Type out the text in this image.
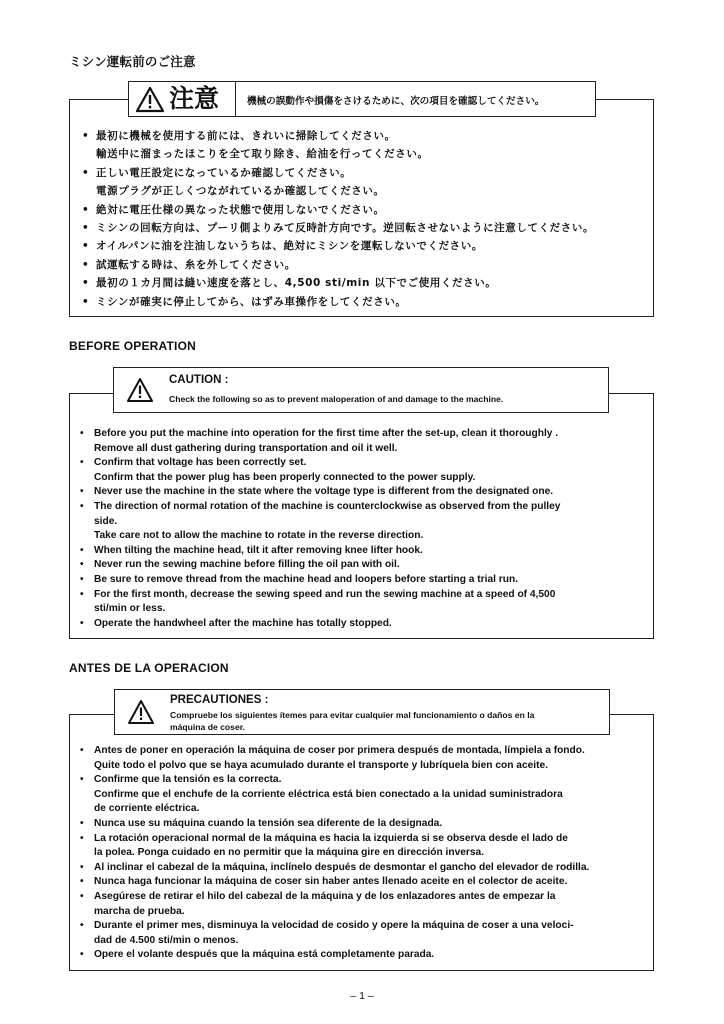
ミシン運転前のご注意
• 最初に機械を使用する前には、きれいに掃除してください。
輸送中に溜まったほこりを全て取り除き、給油を行ってください。
• 正しい電圧設定になっているか確認してください。
電源プラグが正しくつながれているか確認してください。
• 絶対に電圧仕様の異なった状態で使用しないでください。
• ミシンの回転方向は、プーリ側よりみて反時計方向です。逆回転させないように注意してください。
• オイルパンに油を注油しないうちは、絶対にミシンを運転しないでください。
• 試運転する時は、糸を外してください。
• 最初の１カ月間は縫い速度を落とし、4,500 sti/min 以下でご使用ください。
• ミシンが確実に停止してから、はずみ車操作をしてください。
注意	機械の誤動作や損傷をさけるために、次の項目を確認してください。
BEFORE OPERATION
• Before you put the machine into operation for the first time after the set-up, clean it thoroughly .
Remove all dust gathering during transportation and oil it well.
• Confirm that voltage has been correctly set.
Confirm that the power plug has been properly connected to the power supply.
• Never use the machine in the state where the voltage type is different from the designated one.
• The direction of normal rotation of the machine is counterclockwise as observed from the pulley
side.
Take care not to allow the machine to rotate in the reverse direction.
• When tilting the machine head, tilt it after removing knee lifter hook.
• Never run the sewing machine before filling the oil pan with oil.
• Be sure to remove thread from the machine head and loopers before starting a trial run.
• For the first month, decrease the sewing speed and run the sewing machine at a speed of 4,500
sti/min or less.
• Operate the handwheel after the machine has totally stopped.
CAUTION :
Check the following so as to prevent maloperation of and damage to the machine.
ANTES DE LA OPERACION
• Antes de poner en operación la máquina de coser por primera después de montada, límpiela a fondo.
Quite todo el polvo que se haya acumulado durante el transporte y lubríquela bien con aceite.
• Confirme que la tensión es la correcta.
Confirme que el enchufe de la corriente eléctrica está bien conectado a la unidad suministradora
de corriente eléctrica.
• Nunca use su máquina cuando la tensión sea diferente de la designada.
• La rotación operacional normal de la máquina es hacia la izquierda si se observa desde el lado de
la polea. Ponga cuidado en no permitir que la máquina gire en dirección inversa.
• Al inclinar el cabezal de la máquina, inclínelo después de desmontar el gancho del elevador de rodilla.
• Nunca haga funcionar la máquina de coser sin haber antes llenado aceite en el colector de aceite.
• Asegúrese de retirar el hilo del cabezal de la máquina y de los enlazadores antes de empezar la
marcha de prueba.
• Durante el primer mes, disminuya la velocidad de cosido y opere la máquina de coser a una veloci-
dad de 4.500 sti/min o menos.
• Opere el volante después que la máquina está completamente parada.
PRECAUTIONES :
Compruebe los siguientes ítemes para evitar cualquier mal funcionamiento o daños en la
máquina de coser.
– 1 –
